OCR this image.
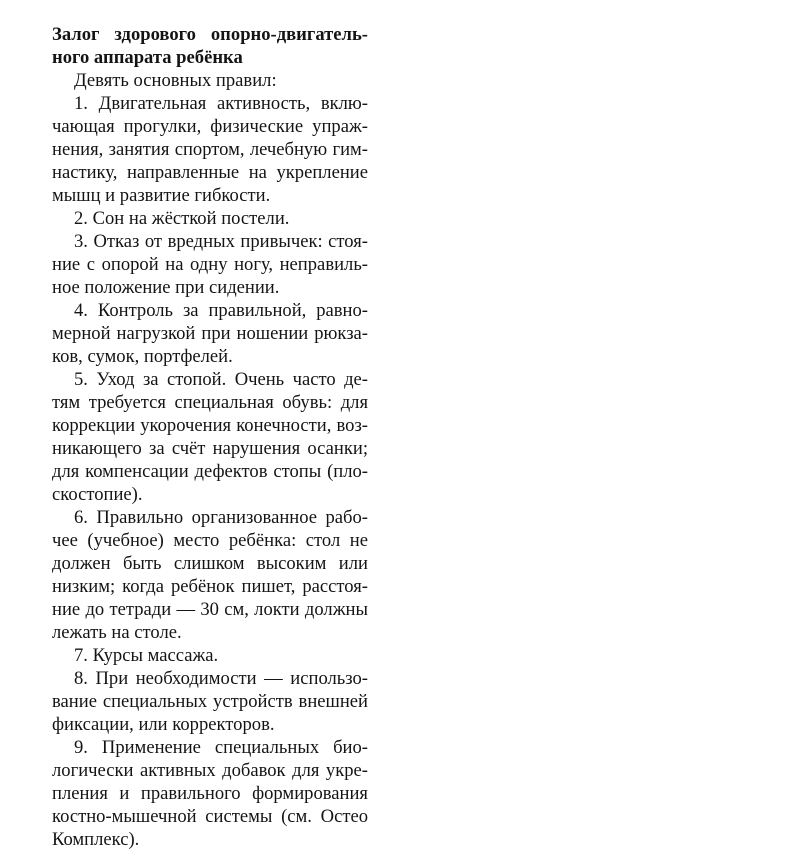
Залог здорового опорно-двигатель-
ного аппарата ребёнка
Девять основных правил:
1. Двигательная активность, вклю-
чающая прогулки, физические упраж-
нения, занятия спортом, лечебную гим-
настику, направленные на укрепление
мышц и развитие гибкости.
2. Сон на жёсткой постели.
3. Отказ от вредных привычек: стоя-
ние с опорой на одну ногу, неправиль-
ное положение при сидении.
4. Контроль за правильной, равно-
мерной нагрузкой при ношении рюкза-
ков, сумок, портфелей.
5. Уход за стопой. Очень часто де-
тям требуется специальная обувь: для
коррекции укорочения конечности, воз-
никающего за счёт нарушения осанки;
для компенсации дефектов стопы (пло-
скостопие).
6. Правильно организованное рабо-
чее (учебное) место ребёнка: стол не
должен быть слишком высоким или
низким; когда ребёнок пишет, расстоя-
ние до тетради — 30 см, локти должны
лежать на столе.
7. Курсы массажа.
8. При необходимости — использо-
вание специальных устройств внешней
фиксации, или корректоров.
9. Применение специальных био-
логически активных добавок для укре-
пления и правильного формирования
костно-мышечной системы (см. Остео
Комплекс).
